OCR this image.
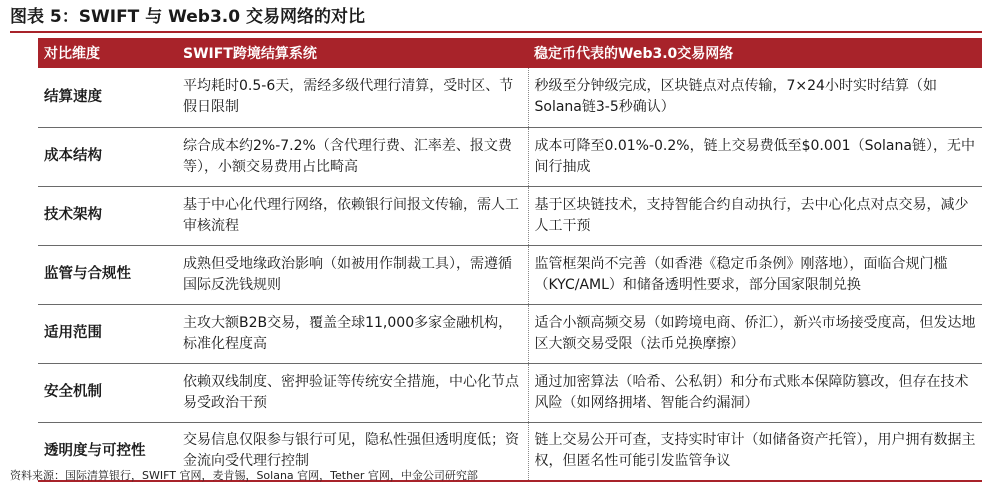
图表 5：SWIFT 与 Web3.0 交易网络的对比
对比维度	SWIFT跨境结算系统	稳定币代表的Web3.0交易网络
结算速度	平均耗时0.5-6天，需经多级代理行清算，受时区、节假日限制	秒级至分钟级完成，区块链点对点传输，7×24小时实时结算（如Solana链3-5秒确认）
成本结构	综合成本约2%-7.2%（含代理行费、汇率差、报文费等），小额交易费用占比畸高	成本可降至0.01%-0.2%，链上交易费低至$0.001（Solana链），无中间行抽成
技术架构	基于中心化代理行网络，依赖银行间报文传输，需人工审核流程	基于区块链技术，支持智能合约自动执行，去中心化点对点交易，减少人工干预
监管与合规性	成熟但受地缘政治影响（如被用作制裁工具），需遵循国际反洗钱规则	监管框架尚不完善（如香港《稳定币条例》刚落地），面临合规门槛（KYC/AML）和储备透明性要求，部分国家限制兑换
适用范围	主攻大额B2B交易，覆盖全球11,000多家金融机构，标准化程度高	适合小额高频交易（如跨境电商、侨汇），新兴市场接受度高，但发达地区大额交易受限（法币兑换摩擦）
安全机制	依赖双线制度、密押验证等传统安全措施，中心化节点易受政治干预	通过加密算法（哈希、公私钥）和分布式账本保障防篡改，但存在技术风险（如网络拥堵、智能合约漏洞）
透明度与可控性	交易信息仅限参与银行可见，隐私性强但透明度低；资金流向受代理行控制	链上交易公开可查，支持实时审计（如储备资产托管），用户拥有数据主权，但匿名性可能引发监管争议
资料来源：国际清算银行，SWIFT 官网，麦肯锡，Solana 官网，Tether 官网，中金公司研究部
